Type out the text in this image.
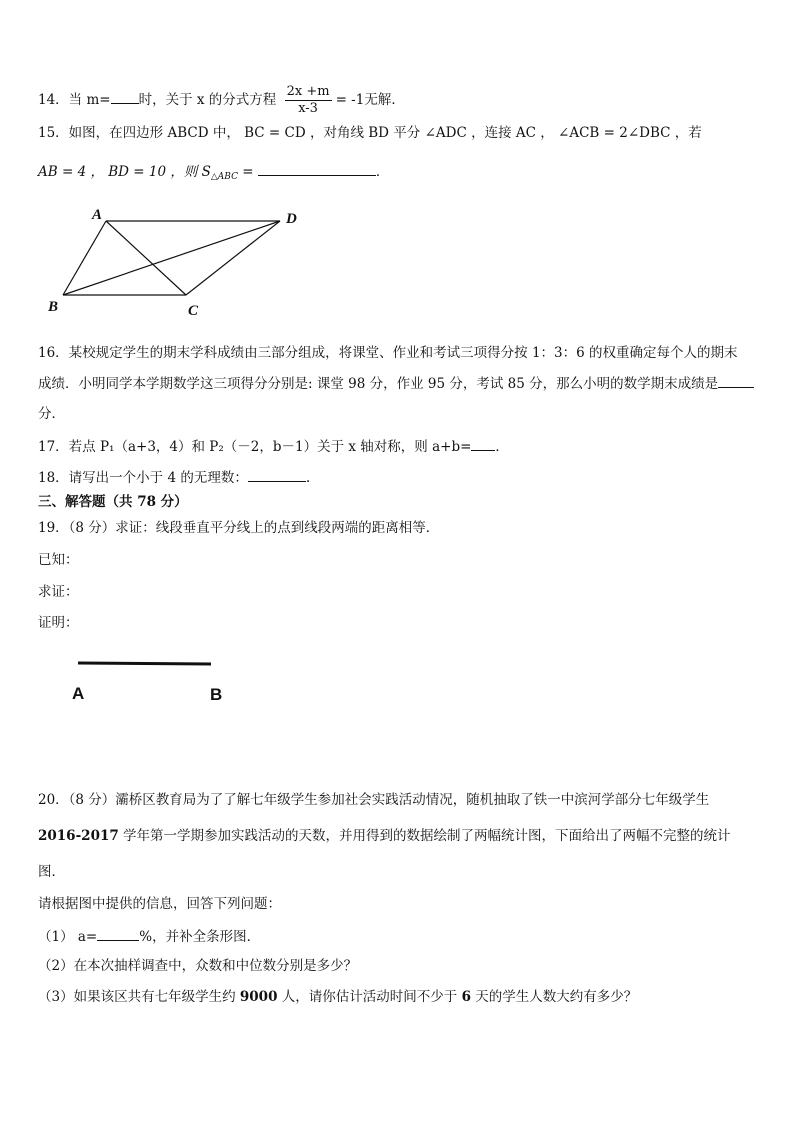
14．当 m= 时，关于 x 的分式方程 $\frac{2x +m}{x-3} = -1$无解．
15．如图，在四边形 ABCD 中， BC = CD ，对角线 BD 平分 ∠ADC ，连接 AC ， ∠ACB = 2∠DBC ，若
AB = 4 ， BD = 10 ，则 $S_{\triangle ABC}$ =	．
A	D
B	C
16．某校规定学生的期末学科成绩由三部分组成，将课堂、作业和考试三项得分按 1：3：6 的权重确定每个人的期末
成绩．小明同学本学期数学这三项得分分别是: 课堂 98 分，作业 95 分，考试 85 分，那么小明的数学期末成绩是
分．
17．若点 P₁（a+3，4）和 P₂（－2，b－1）关于 x 轴对称，则 a+b= ．
18．请写出一个小于 4 的无理数：	.
三、解答题（共 78 分）
19．（8 分）求证：线段垂直平分线上的点到线段两端的距离相等．
已知：
求证：
证明：
A	B
20．（8 分）灞桥区教育局为了了解七年级学生参加社会实践活动情况，随机抽取了铁一中滨河学部分七年级学生
2016-2017 学年第一学期参加实践活动的天数，并用得到的数据绘制了两幅统计图，下面给出了两幅不完整的统计
图．
请根据图中提供的信息，回答下列问题：
（1） a=	%，并补全条形图．
（2）在本次抽样调查中，众数和中位数分别是多少？
（3）如果该区共有七年级学生约 9000 人，请你估计活动时间不少于 6 天的学生人数大约有多少？
